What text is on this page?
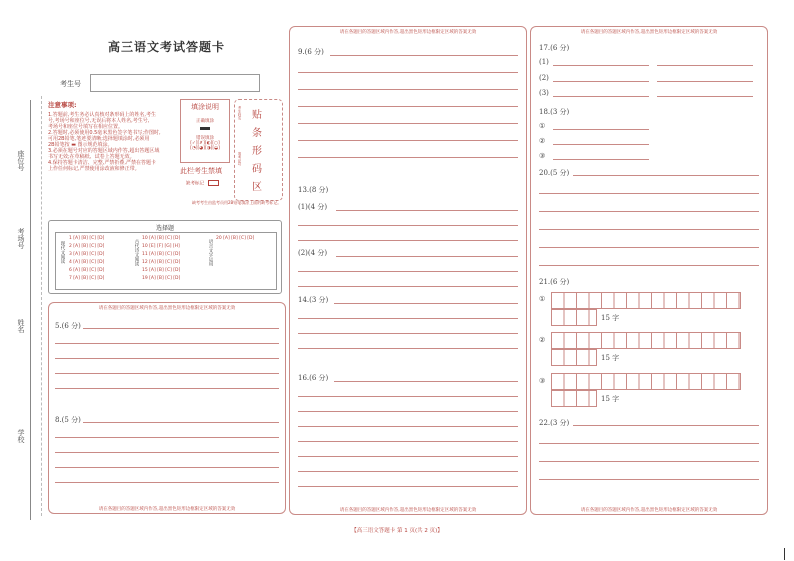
高三语文考试答题卡
考生号
座位号
考场号
姓名
学校
注意事项:
1.答题前,考生务必认真核对条形码上的姓名,考生
号,考场号和座位号,无误后将本人姓名,考生号,
考场号和座位号填写在相应位置。
2.答题时,必须使用0.5毫米黑色签字笔书写;作图时,
可用2B铅笔,笔迹要清晰;选择题填涂时,必须用
2B铅笔按 ▬ 图示规范填涂。
3.必须在题号对应的答题区域内作答,超出答题区域
书写无效;在草稿纸、试卷上答题无效。
4.保持答题卡清洁、完整,严禁折叠,严禁在答题卡
上作任何标记,严禁使用涂改液和修正带。
填涂说明
正确填涂
错误填涂
[✓][✗][◐][○]
[◔][◕][◑][◒]
此栏考生禁填
缺考标记
贴
条
形
码
区
考生姓名
准考证号
缺考考生由监考员用2B铅笔填涂上面的缺考标记。
选择题
现代文阅读
1 [A] [B] [C] [D]
2 [A] [B] [C] [D]
3 [A] [B] [C] [D]
4 [A] [B] [C] [D]
6 [A] [B] [C] [D]
7 [A] [B] [C] [D]
古代诗文阅读
10 [A] [B] [C] [D]
10 [E] [F] [G] [H]
11 [A] [B] [C] [D]
12 [A] [B] [C] [D]
15 [A] [B] [C] [D]
19 [A] [B] [C] [D]
语言文字运用
20 [A] [B] [C] [D]
请在各题目的答题区域内作答,超出黑色矩形边框限定区域的答案无效
5.(6 分)
8.(5 分)
请在各题目的答题区域内作答,超出黑色矩形边框限定区域的答案无效
请在各题目的答题区域内作答,超出黑色矩形边框限定区域的答案无效
9.(6 分)
13.(8 分)
(1)(4 分)
(2)(4 分)
14.(3 分)
16.(6 分)
请在各题目的答题区域内作答,超出黑色矩形边框限定区域的答案无效
请在各题目的答题区域内作答,超出黑色矩形边框限定区域的答案无效
17.(6 分)
(1)
(2)
(3)
18.(3 分)
①
②
③
20.(5 分)
21.(6 分)
①
15 字
②
15 字
③
15 字
22.(3 分)
请在各题目的答题区域内作答,超出黑色矩形边框限定区域的答案无效
【高三语文答题卡 第 1 页(共 2 页)】
